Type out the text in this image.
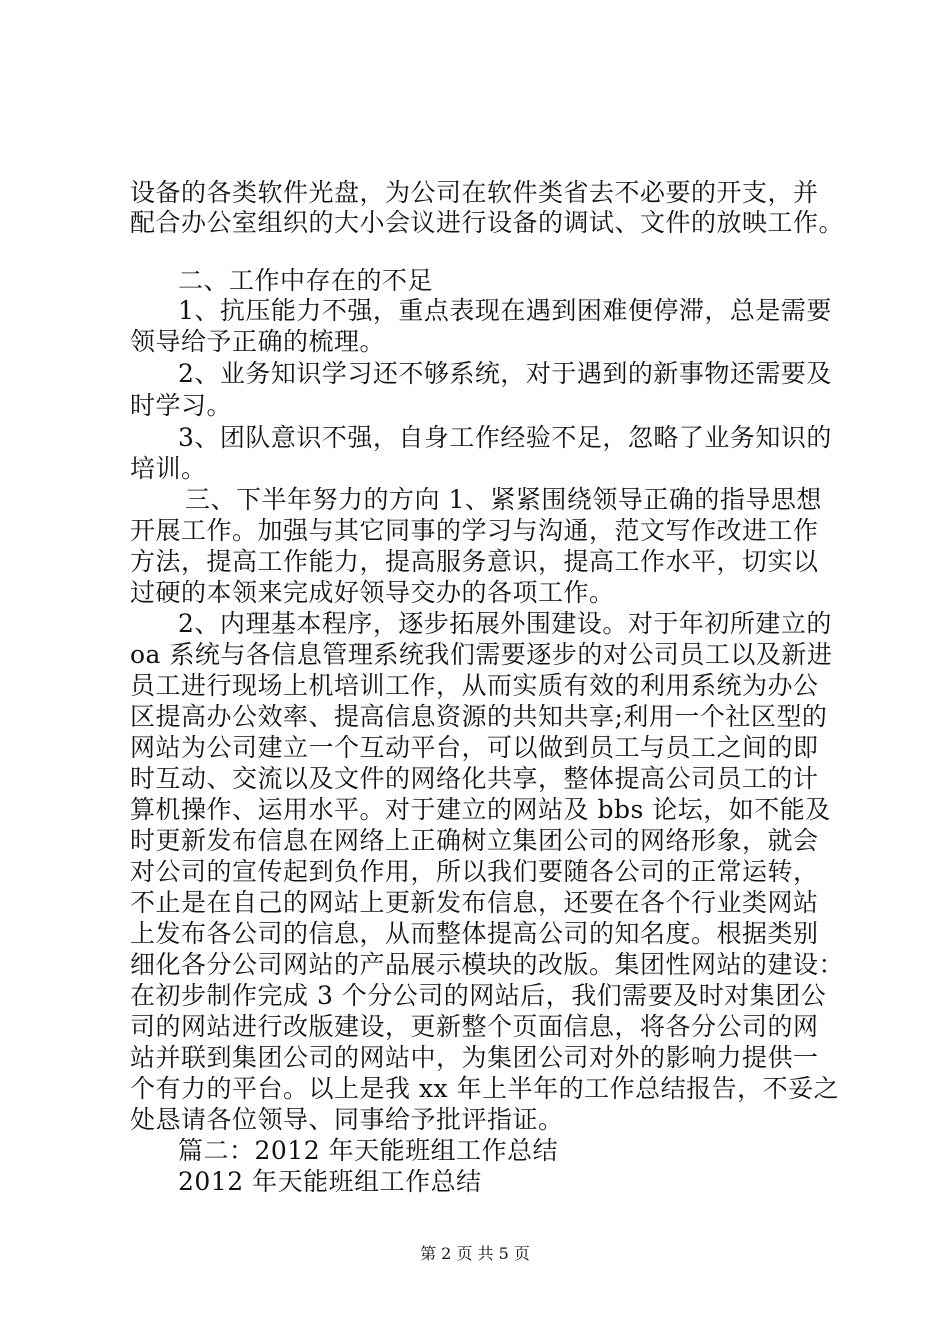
设备的各类软件光盘，为公司在软件类省去不必要的开支，并

配合办公室组织的大小会议进行设备的调试、文件的放映工作。

二、工作中存在的不足

1、抗压能力不强，重点表现在遇到困难便停滞，总是需要

领导给予正确的梳理。

2、业务知识学习还不够系统，对于遇到的新事物还需要及

时学习。

3、团队意识不强，自身工作经验不足，忽略了业务知识的

培训。

三、下半年努力的方向 1、紧紧围绕领导正确的指导思想

开展工作。加强与其它同事的学习与沟通，范文写作改进工作

方法，提高工作能力，提高服务意识，提高工作水平，切实以

过硬的本领来完成好领导交办的各项工作。

2、内理基本程序，逐步拓展外围建设。对于年初所建立的

oa 系统与各信息管理系统我们需要逐步的对公司员工以及新进

员工进行现场上机培训工作，从而实质有效的利用系统为办公

区提高办公效率、提高信息资源的共知共享;利用一个社区型的

网站为公司建立一个互动平台，可以做到员工与员工之间的即

时互动、交流以及文件的网络化共享，整体提高公司员工的计

算机操作、运用水平。对于建立的网站及 bbs 论坛，如不能及

时更新发布信息在网络上正确树立集团公司的网络形象，就会

对公司的宣传起到负作用，所以我们要随各公司的正常运转，

不止是在自己的网站上更新发布信息，还要在各个行业类网站

上发布各公司的信息，从而整体提高公司的知名度。根据类别

细化各分公司网站的产品展示模块的改版。集团性网站的建设：

在初步制作完成 3 个分公司的网站后，我们需要及时对集团公

司的网站进行改版建设，更新整个页面信息，将各分公司的网

站并联到集团公司的网站中，为集团公司对外的影响力提供一

个有力的平台。以上是我 xx 年上半年的工作总结报告，不妥之

处恳请各位领导、同事给予批评指证。

篇二：2012 年天能班组工作总结

2012 年天能班组工作总结

第 2 页 共 5 页
